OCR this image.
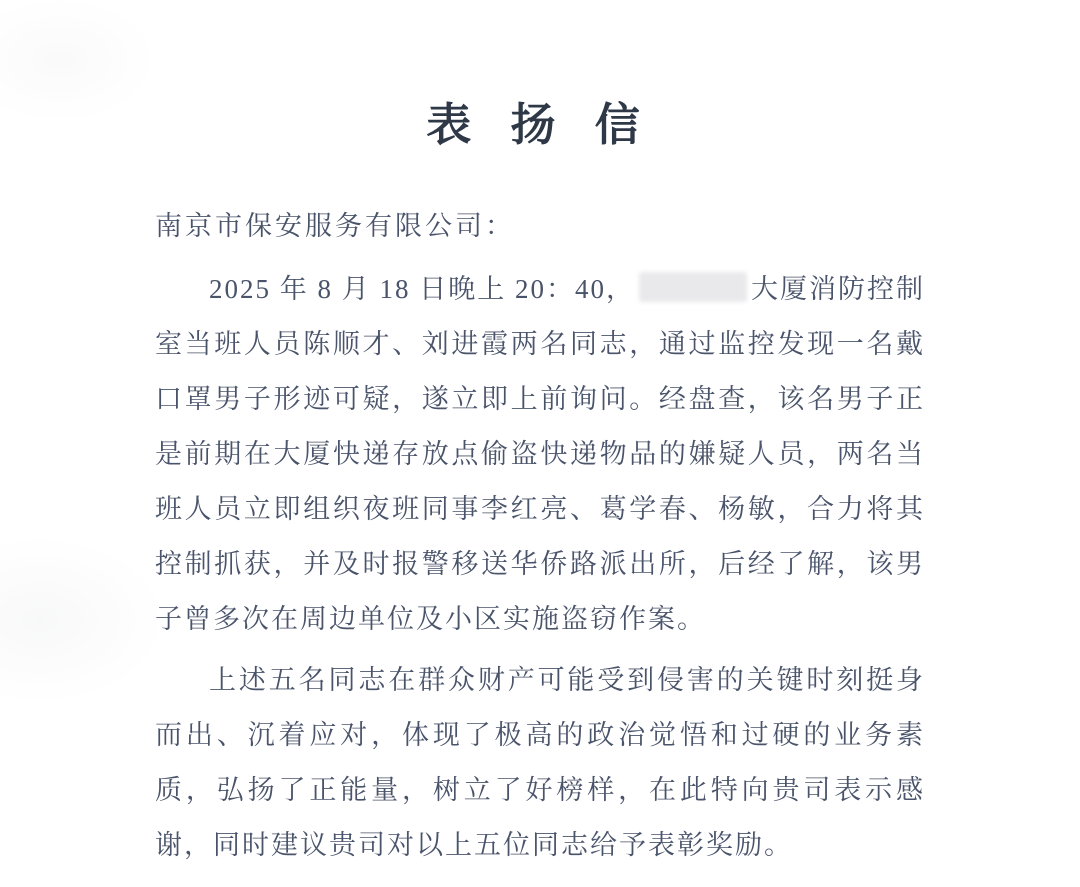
表 扬 信

南京市保安服务有限公司：

2025 年 8 月 18 日晚上 20：40，	大厦消防控制室当班人员陈顺才、刘进霞两名同志，通过监控发现一名戴口罩男子形迹可疑，遂立即上前询问。经盘查，该名男子正是前期在大厦快递存放点偷盗快递物品的嫌疑人员，两名当班人员立即组织夜班同事李红亮、葛学春、杨敏，合力将其控制抓获，并及时报警移送华侨路派出所，后经了解，该男子曾多次在周边单位及小区实施盗窃作案。

上述五名同志在群众财产可能受到侵害的关键时刻挺身而出、沉着应对，体现了极高的政治觉悟和过硬的业务素质，弘扬了正能量，树立了好榜样，在此特向贵司表示感谢，同时建议贵司对以上五位同志给予表彰奖励。
